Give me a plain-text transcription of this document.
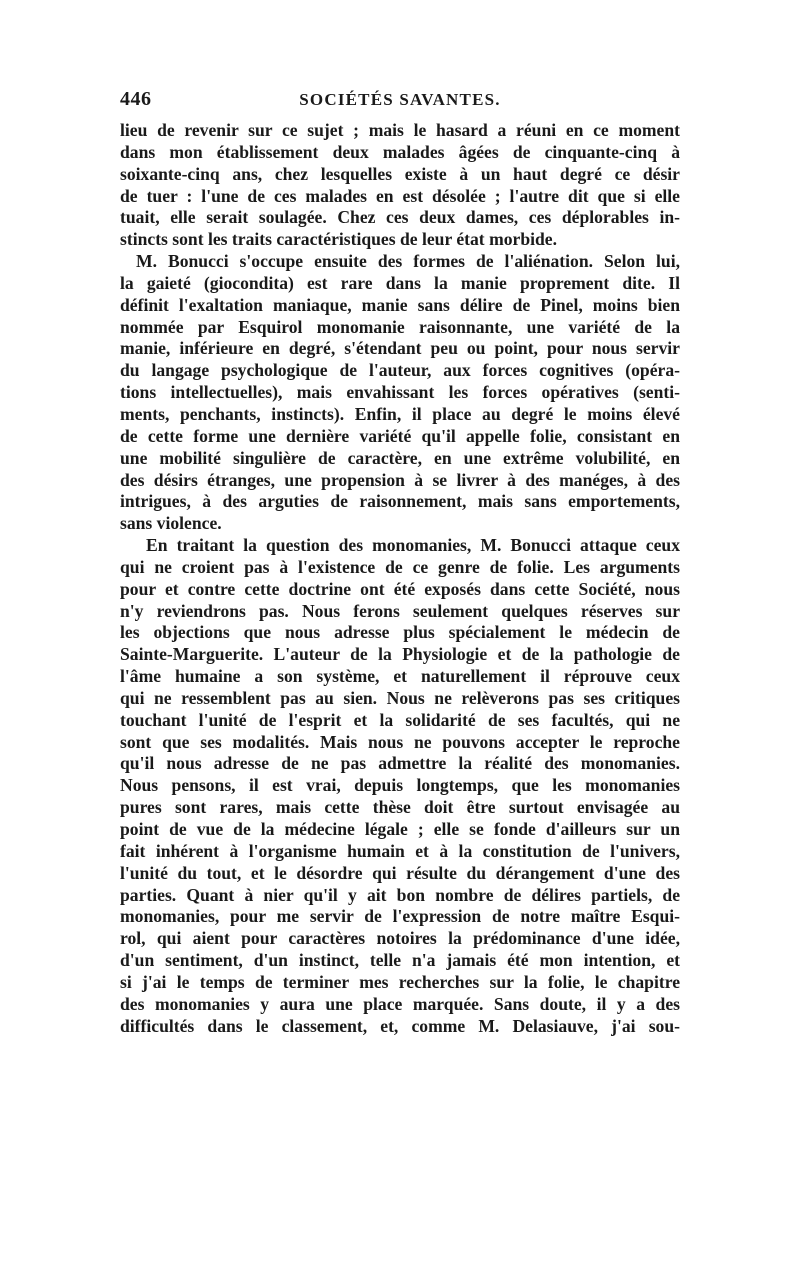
446	SOCIÉTÉS SAVANTES.
lieu de revenir sur ce sujet ; mais le hasard a réuni en ce moment
dans mon établissement deux malades âgées de cinquante-cinq à
soixante-cinq ans, chez lesquelles existe à un haut degré ce désir
de tuer : l'une de ces malades en est désolée ; l'autre dit que si elle
tuait, elle serait soulagée. Chez ces deux dames, ces déplorables in-
stincts sont les traits caractéristiques de leur état morbide.
M. Bonucci s'occupe ensuite des formes de l'aliénation. Selon lui,
la gaieté (giocondita) est rare dans la manie proprement dite. Il
définit l'exaltation maniaque, manie sans délire de Pinel, moins bien
nommée par Esquirol monomanie raisonnante, une variété de la
manie, inférieure en degré, s'étendant peu ou point, pour nous servir
du langage psychologique de l'auteur, aux forces cognitives (opéra-
tions intellectuelles), mais envahissant les forces opératives (senti-
ments, penchants, instincts). Enfin, il place au degré le moins élevé
de cette forme une dernière variété qu'il appelle folie, consistant en
une mobilité singulière de caractère, en une extrême volubilité, en
des désirs étranges, une propension à se livrer à des manéges, à des
intrigues, à des arguties de raisonnement, mais sans emportements,
sans violence.
En traitant la question des monomanies, M. Bonucci attaque ceux
qui ne croient pas à l'existence de ce genre de folie. Les arguments
pour et contre cette doctrine ont été exposés dans cette Société, nous
n'y reviendrons pas. Nous ferons seulement quelques réserves sur
les objections que nous adresse plus spécialement le médecin de
Sainte-Marguerite. L'auteur de la Physiologie et de la pathologie de
l'âme humaine a son système, et naturellement il réprouve ceux
qui ne ressemblent pas au sien. Nous ne relèverons pas ses critiques
touchant l'unité de l'esprit et la solidarité de ses facultés, qui ne
sont que ses modalités. Mais nous ne pouvons accepter le reproche
qu'il nous adresse de ne pas admettre la réalité des monomanies.
Nous pensons, il est vrai, depuis longtemps, que les monomanies
pures sont rares, mais cette thèse doit être surtout envisagée au
point de vue de la médecine légale ; elle se fonde d'ailleurs sur un
fait inhérent à l'organisme humain et à la constitution de l'univers,
l'unité du tout, et le désordre qui résulte du dérangement d'une des
parties. Quant à nier qu'il y ait bon nombre de délires partiels, de
monomanies, pour me servir de l'expression de notre maître Esqui-
rol, qui aient pour caractères notoires la prédominance d'une idée,
d'un sentiment, d'un instinct, telle n'a jamais été mon intention, et
si j'ai le temps de terminer mes recherches sur la folie, le chapitre
des monomanies y aura une place marquée. Sans doute, il y a des
difficultés dans le classement, et, comme M. Delasiauve, j'ai sou-
